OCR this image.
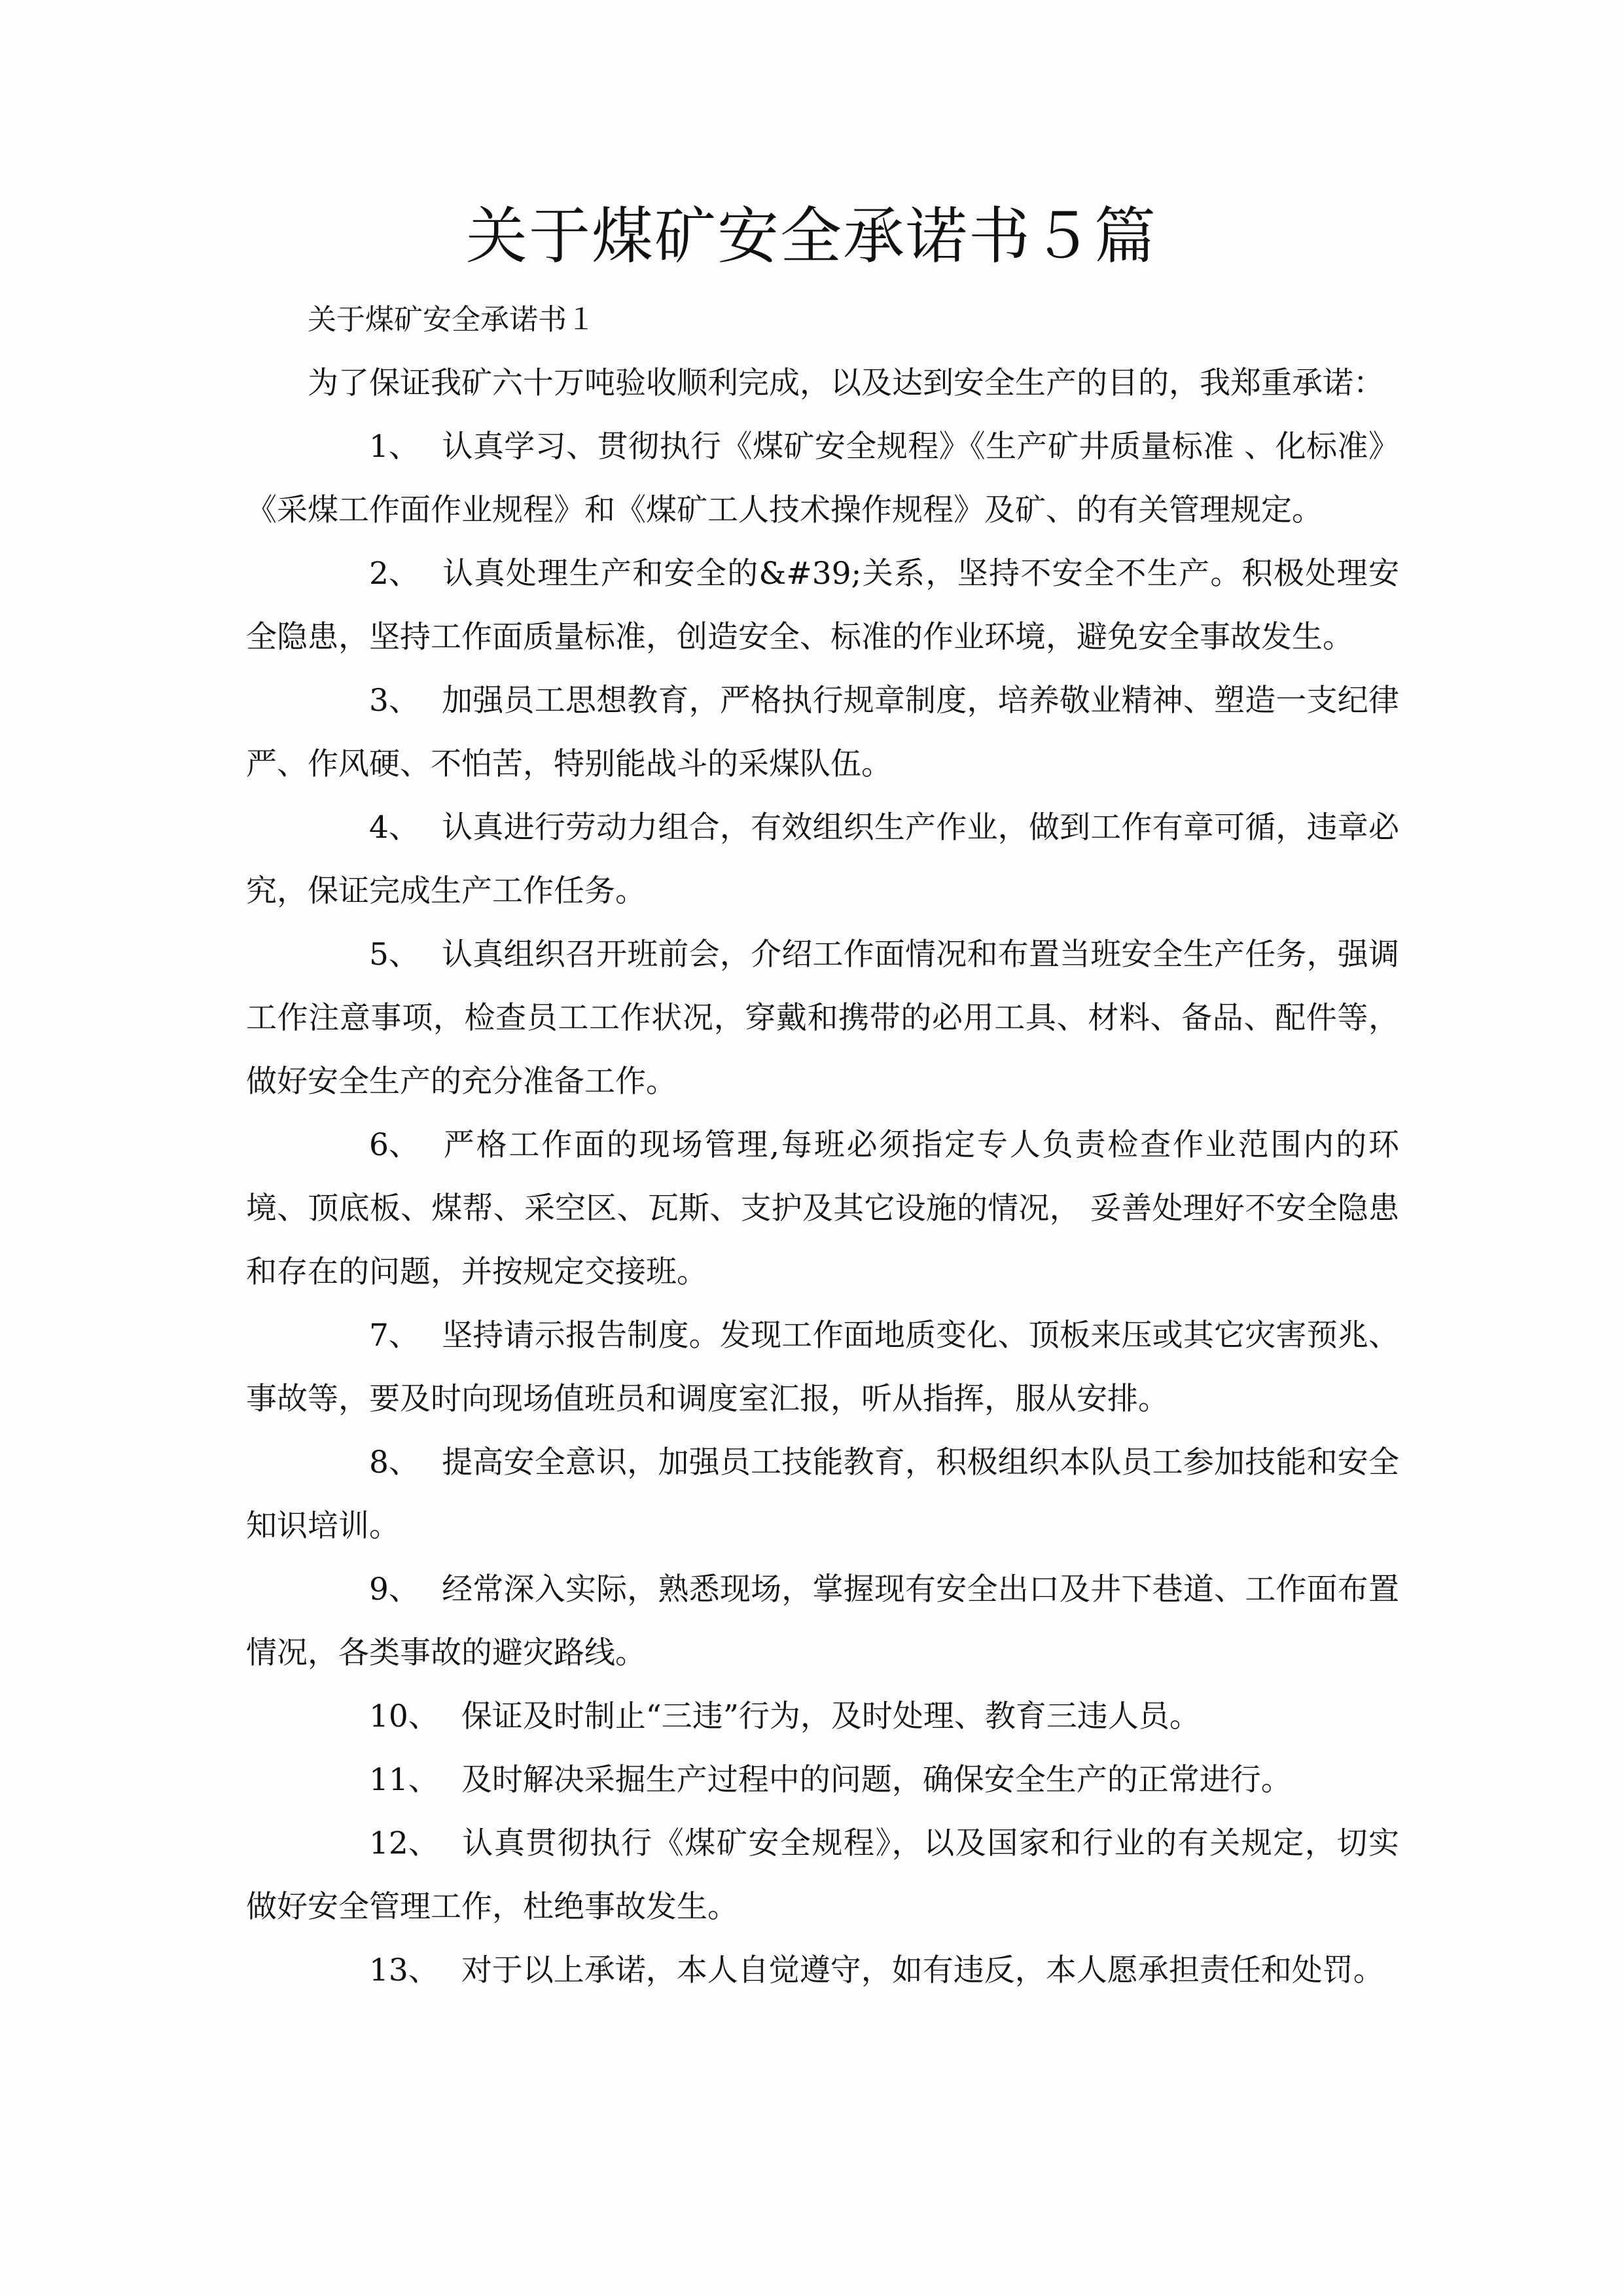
关于煤矿安全承诺书５篇

关于煤矿安全承诺书１

为了保证我矿六十万吨验收顺利完成，以及达到安全生产的目的，我郑重承诺：

1、 认真学习、贯彻执行《煤矿安全规程》《生产矿井质量标准 、化标准》《采煤工作面作业规程》和《煤矿工人技术操作规程》及矿、的有关管理规定。

2、 认真处理生产和安全的&#39;关系，坚持不安全不生产。积极处理安全隐患，坚持工作面质量标准，创造安全、标准的作业环境，避免安全事故发生。

3、 加强员工思想教育，严格执行规章制度，培养敬业精神、塑造一支纪律严、作风硬、不怕苦，特别能战斗的采煤队伍。

4、 认真进行劳动力组合，有效组织生产作业，做到工作有章可循，违章必究，保证完成生产工作任务。

5、 认真组织召开班前会，介绍工作面情况和布置当班安全生产任务，强调工作注意事项，检查员工工作状况，穿戴和携带的必用工具、材料、备品、配件等，做好安全生产的充分准备工作。

6、 严格工作面的现场管理,每班必须指定专人负责检查作业范围内的环境、顶底板、煤帮、采空区、瓦斯、支护及其它设施的情况， 妥善处理好不安全隐患和存在的问题，并按规定交接班。

7、 坚持请示报告制度。发现工作面地质变化、顶板来压或其它灾害预兆、事故等，要及时向现场值班员和调度室汇报，听从指挥，服从安排。

8、 提高安全意识，加强员工技能教育，积极组织本队员工参加技能和安全知识培训。

9、 经常深入实际，熟悉现场，掌握现有安全出口及井下巷道、工作面布置情况，各类事故的避灾路线。

10、 保证及时制止“三违”行为，及时处理、教育三违人员。

11、 及时解决采掘生产过程中的问题，确保安全生产的正常进行。

12、 认真贯彻执行《煤矿安全规程》，以及国家和行业的有关规定，切实做好安全管理工作，杜绝事故发生。

13、 对于以上承诺，本人自觉遵守，如有违反，本人愿承担责任和处罚。
